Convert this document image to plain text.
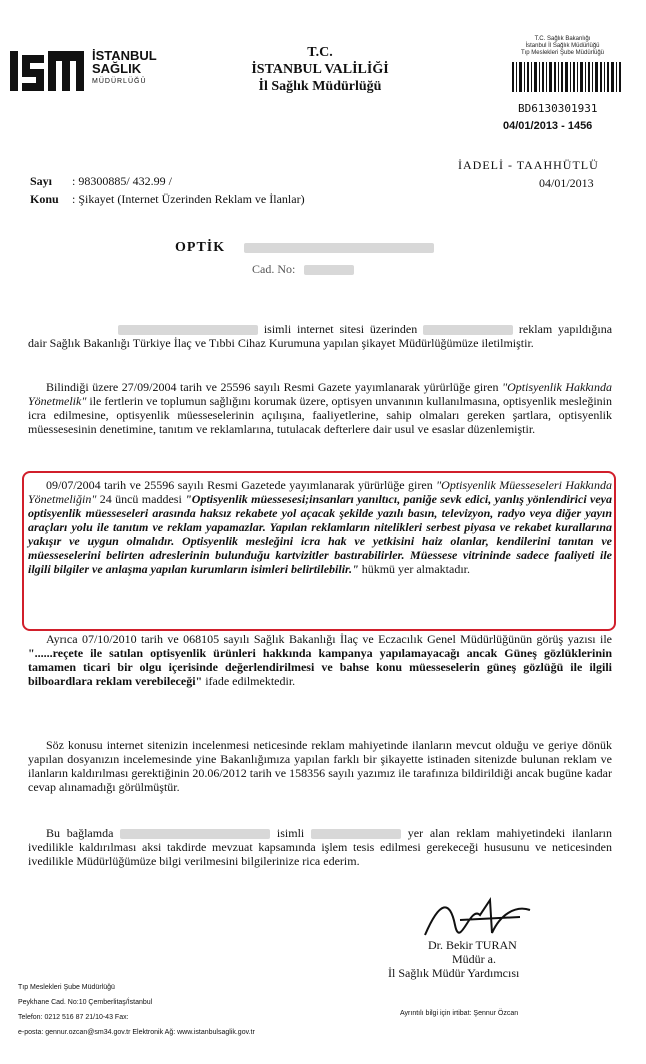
İSTANBUL
SAĞLIK
MÜDÜRLÜĞÜ
T.C.
İSTANBUL VALİLİĞİ
İl Sağlık Müdürlüğü
T.C. Sağlık Bakanlığı
İstanbul İl Sağlık Müdürlüğü
Tıp Meslekleri Şube Müdürlüğü
BD6130301931
04/01/2013 - 1456
İADELİ - TAAHHÜTLÜ
04/01/2013
Sayı : 98300885/ 432.99 /
Konu : Şikayet (Internet Üzerinden Reklam ve İlanlar)
OPTİK
Cad. No:

isimli internet sitesi üzerinden	reklam yapıldığına dair Sağlık Bakanlığı Türkiye İlaç ve Tıbbi Cihaz Kurumuna yapılan şikayet Müdürlüğümüze iletilmiştir.

Bilindiği üzere 27/09/2004 tarih ve 25596 sayılı Resmi Gazete yayımlanarak yürürlüğe giren "Optisyenlik Hakkında Yönetmelik" ile fertlerin ve toplumun sağlığını korumak üzere, optisyen unvanının kullanılmasına, optisyenlik mesleğinin icra edilmesine, optisyenlik müesseselerinin açılışına, faaliyetlerine, sahip olmaları gereken şartlara, optisyenlik müessesesinin denetimine, tanıtım ve reklamlarına, tutulacak defterlere dair usul ve esaslar düzenlemiştir.

09/07/2004 tarih ve 25596 sayılı Resmi Gazetede yayımlanarak yürürlüğe giren "Optisyenlik Müesseseleri Hakkında Yönetmeliğin" 24 üncü maddesi "Optisyenlik müessesesi;insanları yanıltıcı, paniğe sevk edici, yanlış yönlendirici veya optisyenlik müesseseleri arasında haksız rekabete yol açacak şekilde yazılı basın, televizyon, radyo veya diğer yayın araçları yolu ile tanıtım ve reklam yapamazlar. Yapılan reklamların nitelikleri serbest piyasa ve rekabet kurallarına yakışır ve uygun olmalıdır. Optisyenlik mesleğini icra hak ve yetkisini haiz olanlar, kendilerini tanıtan ve müesseselerini belirten adreslerinin bulunduğu kartvizitler bastırabilirler. Müessese vitrininde sadece faaliyeti ile ilgili bilgiler ve anlaşma yapılan kurumların isimleri belirtilebilir." hükmü yer almaktadır.

Ayrıca 07/10/2010 tarih ve 068105 sayılı Sağlık Bakanlığı İlaç ve Eczacılık Genel Müdürlüğünün görüş yazısı ile "......reçete ile satılan optisyenlik ürünleri hakkında kampanya yapılamayacağı ancak Güneş gözlüklerinin tamamen ticari bir olgu içerisinde değerlendirilmesi ve bahse konu müesseselerin güneş gözlüğü ile ilgili bilboardlara reklam verebileceği" ifade edilmektedir.

Söz konusu internet sitenizin incelenmesi neticesinde reklam mahiyetinde ilanların mevcut olduğu ve geriye dönük yapılan dosyanızın incelemesinde yine Bakanlığımıza yapılan farklı bir şikayette istinaden sitenizde bulunan reklam ve ilanların kaldırılması gerektiğinin 20.06/2012 tarih ve 158356 sayılı yazımız ile tarafınıza bildirildiği ancak bugüne kadar cevap alınamadığı görülmüştür.

Bu bağlamda	isimli	yer alan reklam mahiyetindeki ilanların ivedilikle kaldırılması aksi takdirde mevzuat kapsamında işlem tesis edilmesi gerekeceği hususunu ve neticesinden ivedilikle Müdürlüğümüze bilgi verilmesini bilgilerinize rica ederim.

Dr. Bekir TURAN
Müdür a.
İl Sağlık Müdür Yardımcısı
Tıp Meslekleri Şube Müdürlüğü
Peykhane Cad. No:10 Çemberlitaş/İstanbul
Telefon: 0212 516 87 21/10-43 Fax:
e-posta: gennur.ozcan@sm34.gov.tr Elektronik Ağ: www.istanbulsaglik.gov.tr
Ayrıntılı bilgi için irtibat: Şennur Özcan
